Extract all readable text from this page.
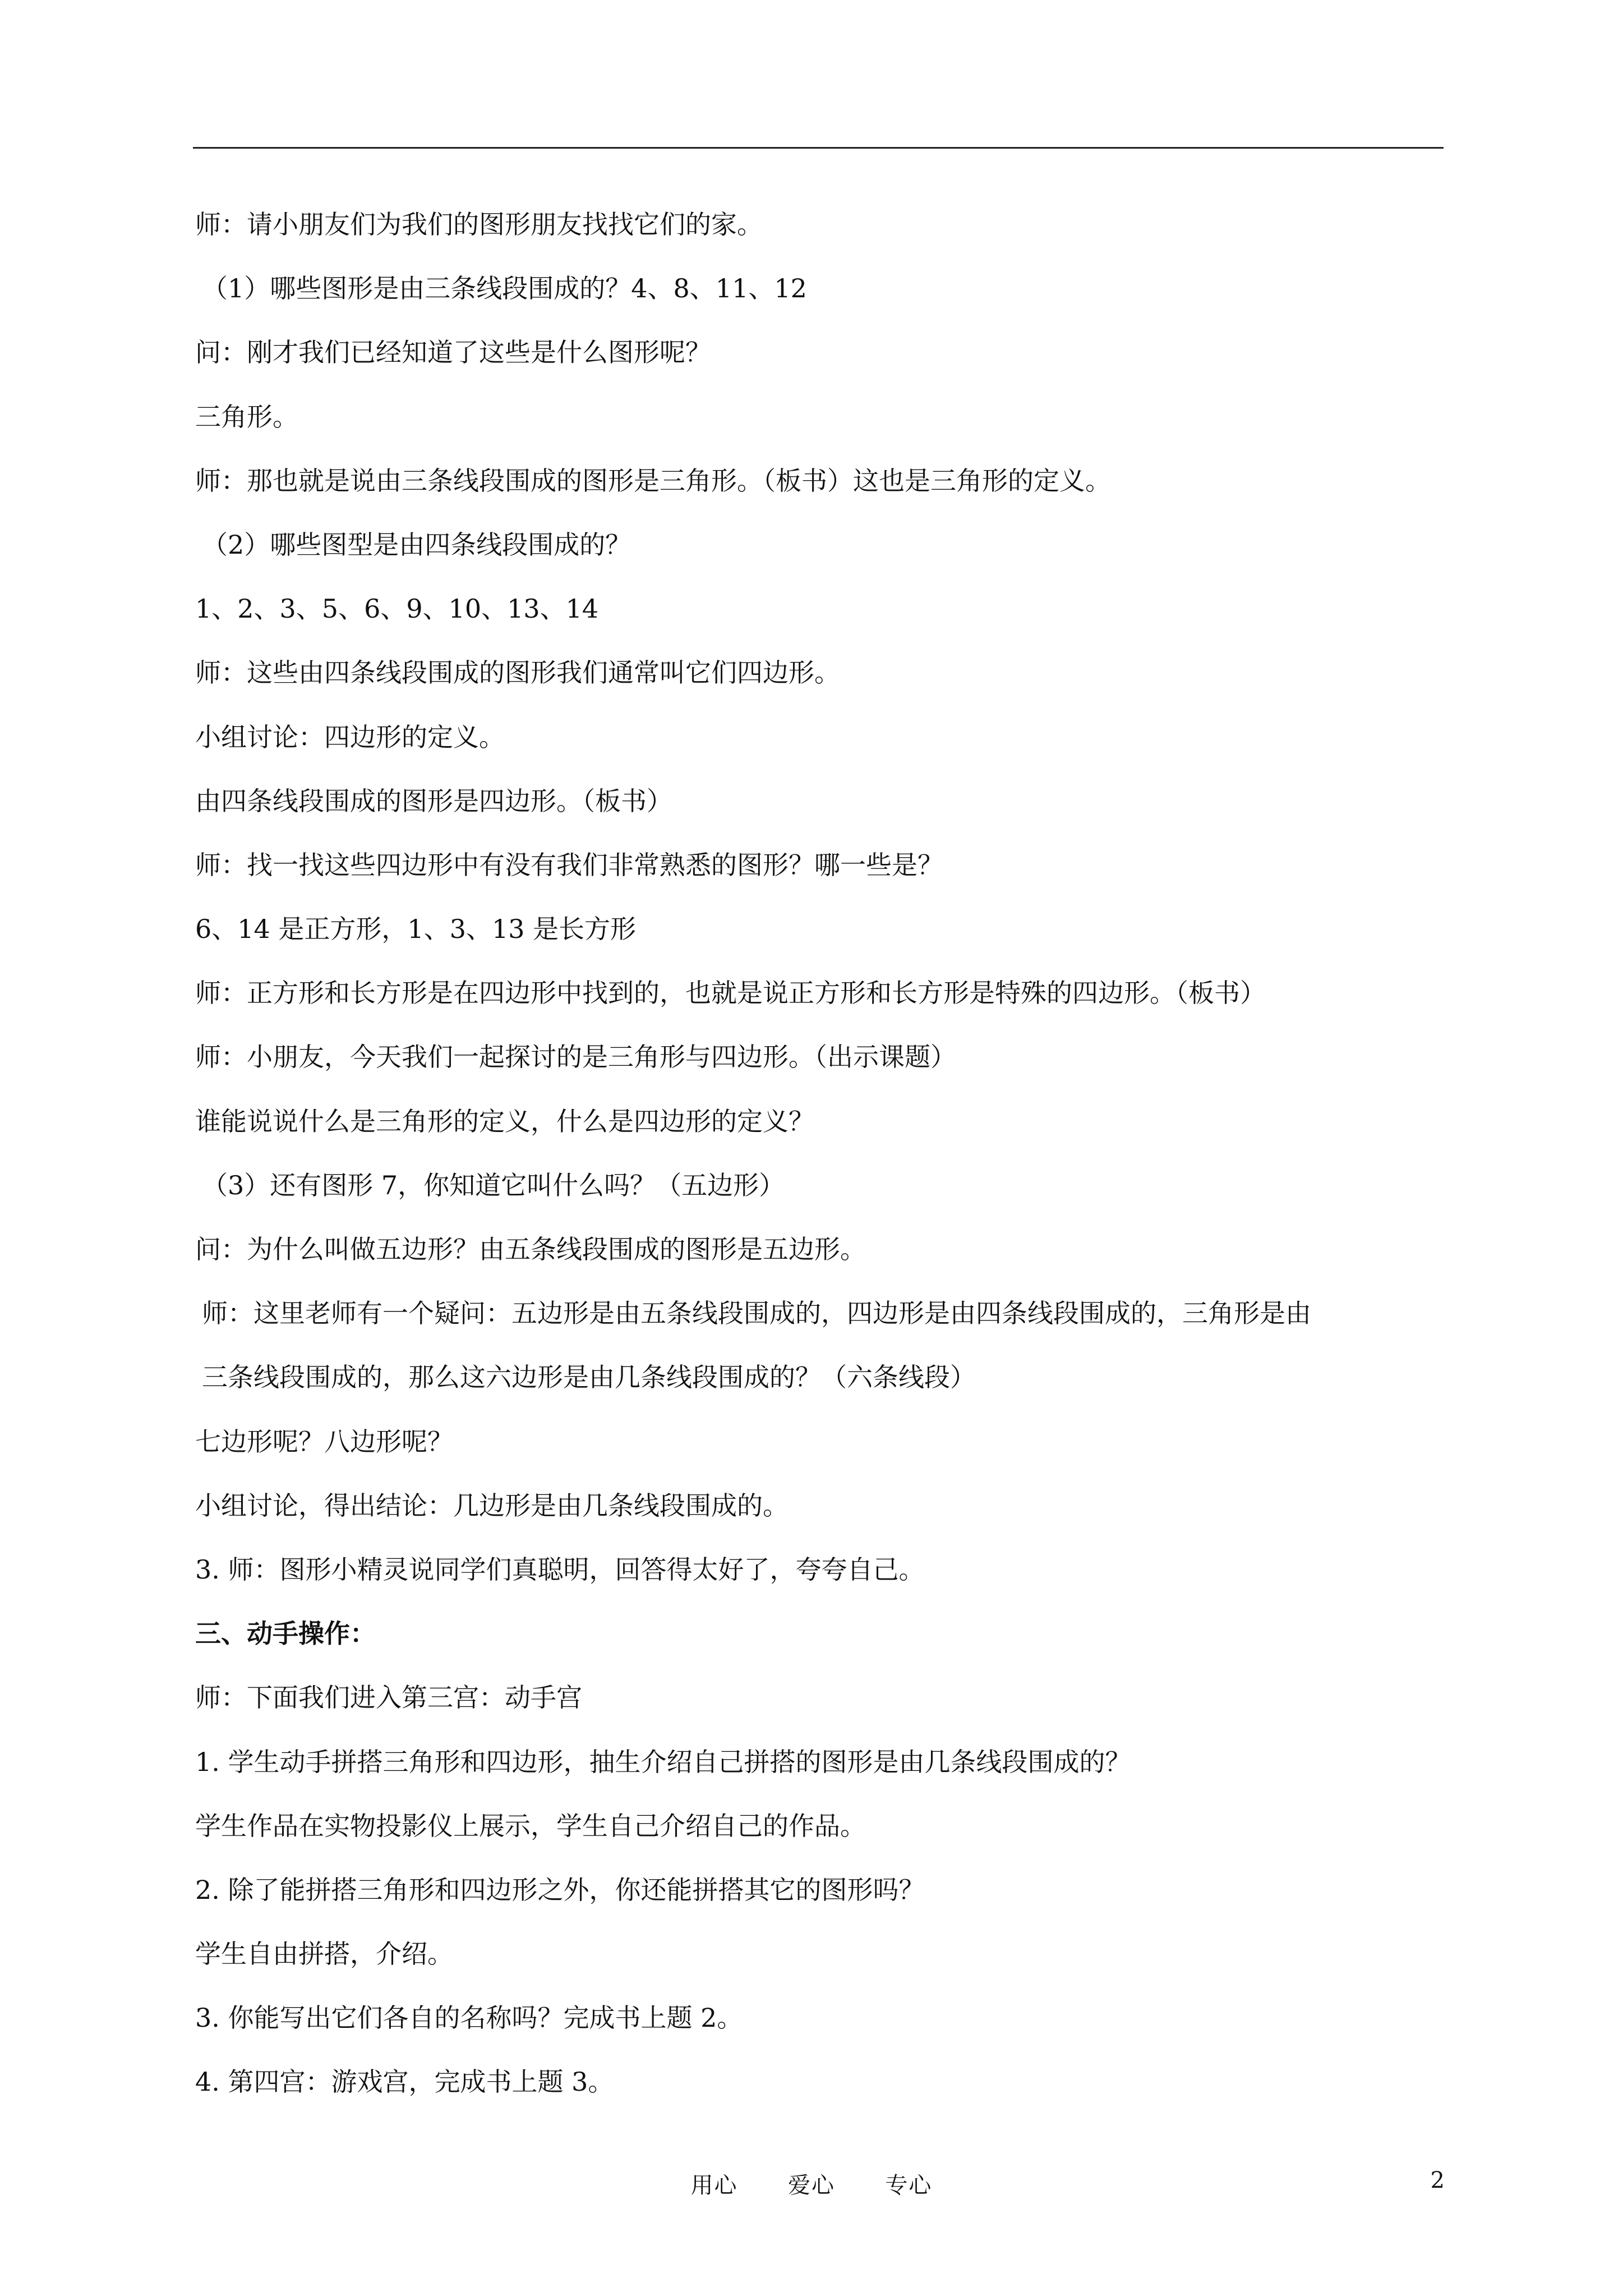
师：请小朋友们为我们的图形朋友找找它们的家。

（1）哪些图形是由三条线段围成的？4、8、11、12

问：刚才我们已经知道了这些是什么图形呢？

三角形。

师：那也就是说由三条线段围成的图形是三角形。（板书）这也是三角形的定义。

（2）哪些图型是由四条线段围成的？

1、2、3、5、6、9、10、13、14

师：这些由四条线段围成的图形我们通常叫它们四边形。

小组讨论：四边形的定义。

由四条线段围成的图形是四边形。（板书）

师：找一找这些四边形中有没有我们非常熟悉的图形？哪一些是？

6、14 是正方形，1、3、13 是长方形

师：正方形和长方形是在四边形中找到的，也就是说正方形和长方形是特殊的四边形。（板书）

师：小朋友，今天我们一起探讨的是三角形与四边形。（出示课题）

谁能说说什么是三角形的定义，什么是四边形的定义？

（3）还有图形 7，你知道它叫什么吗？（五边形）

问：为什么叫做五边形？由五条线段围成的图形是五边形。

师：这里老师有一个疑问：五边形是由五条线段围成的，四边形是由四条线段围成的，三角形是由

三条线段围成的，那么这六边形是由几条线段围成的？（六条线段）

七边形呢？八边形呢？

小组讨论，得出结论：几边形是由几条线段围成的。

3. 师：图形小精灵说同学们真聪明，回答得太好了，夸夸自己。

三、动手操作：

师：下面我们进入第三宫：动手宫

1. 学生动手拼搭三角形和四边形，抽生介绍自己拼搭的图形是由几条线段围成的？

学生作品在实物投影仪上展示，学生自己介绍自己的作品。

2. 除了能拼搭三角形和四边形之外，你还能拼搭其它的图形吗？

学生自由拼搭，介绍。

3. 你能写出它们各自的名称吗？完成书上题 2。

4. 第四宫：游戏宫，完成书上题 3。

用心  爱心  专心	2
